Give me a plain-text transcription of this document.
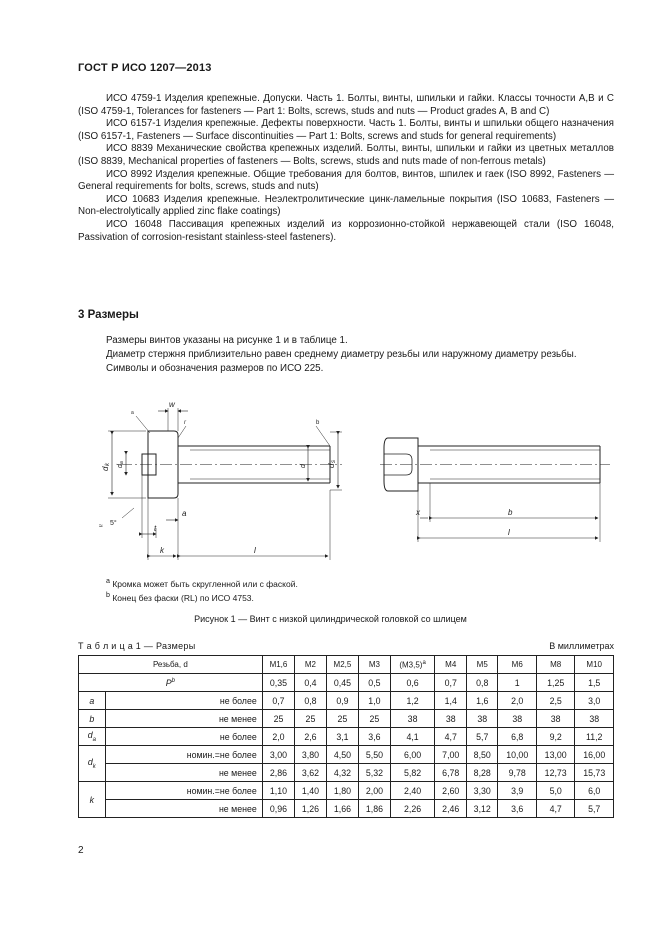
ГОСТ Р ИСО 1207—2013

ИСО 4759-1 Изделия крепежные. Допуски. Часть 1. Болты, винты, шпильки и гайки. Классы точности А,В и С (ISO 4759-1, Tolerances for fasteners — Part 1: Bolts, screws, studs and nuts — Product grades A, B and C)

ИСО 6157-1 Изделия крепежные. Дефекты поверхности. Часть 1. Болты, винты и шпильки общего назначения (ISO 6157-1, Fasteners — Surface discontinuities — Part 1: Bolts, screws and studs for general requirements)

ИСО 8839 Механические свойства крепежных изделий. Болты, винты, шпильки и гайки из цветных металлов (ISO 8839, Mechanical properties of fasteners — Bolts, screws, studs and nuts made of non-ferrous metals)

ИСО 8992 Изделия крепежные. Общие требования для болтов, винтов, шпилек и гаек (ISO 8992, Fasteners — General requirements for bolts, screws, studs and nuts)

ИСО 10683 Изделия крепежные. Неэлектролитические цинк-ламельные покрытия (ISO 10683, Fasteners — Non-electrolytically applied zinc flake coatings)

ИСО 16048 Пассивация крепежных изделий из коррозионно-стойкой нержавеющей стали (ISO 16048, Passivation of corrosion-resistant stainless-steel fasteners).

3 Размеры

Размеры винтов указаны на рисунке 1 и в таблице 1.

Диаметр стержня приблизительно равен среднему диаметру резьбы или наружному диаметру резьбы.

Символы и обозначения размеров по ИСО 225.

a
w
r	b
d
k d
a
d	d
s
a
t
k	l
≈ 5°
x	b
l
$^a$ Кромка может быть скругленной или с фаской.
$^b$ Конец без фаски (RL) по ИСО 4753.
Рисунок 1 — Винт с низкой цилиндрической головкой со шлицем
Т а б л и ц а 1 — Размеры	В миллиметрах
Резьба, d		M1,6	M2	M2,5	M3	$(M3,5)^a$	M4	M5	M6	M8	M10
$P^b$		0,35	0,4	0,45	0,5	0,6	0,7	0,8	1	1,25	1,5
a	не более	0,7	0,8	0,9	1,0	1,2	1,4	1,6	2,0	2,5	3,0
b	не менее	25	25	25	25	38	38	38	38	38	38
$d_a$	не более	2,0	2,6	3,1	3,6	4,1	4,7	5,7	6,8	9,2	11,2
$d_k$	номин.=не более	3,00	3,80	4,50	5,50	6,00	7,00	8,50	10,00	13,00	16,00
	не менее	2,86	3,62	4,32	5,32	5,82	6,78	8,28	9,78	12,73	15,73
k	номин.=не более	1,10	1,40	1,80	2,00	2,40	2,60	3,30	3,9	5,0	6,0
	не менее	0,96	1,26	1,66	1,86	2,26	2,46	3,12	3,6	4,7	5,7
2
